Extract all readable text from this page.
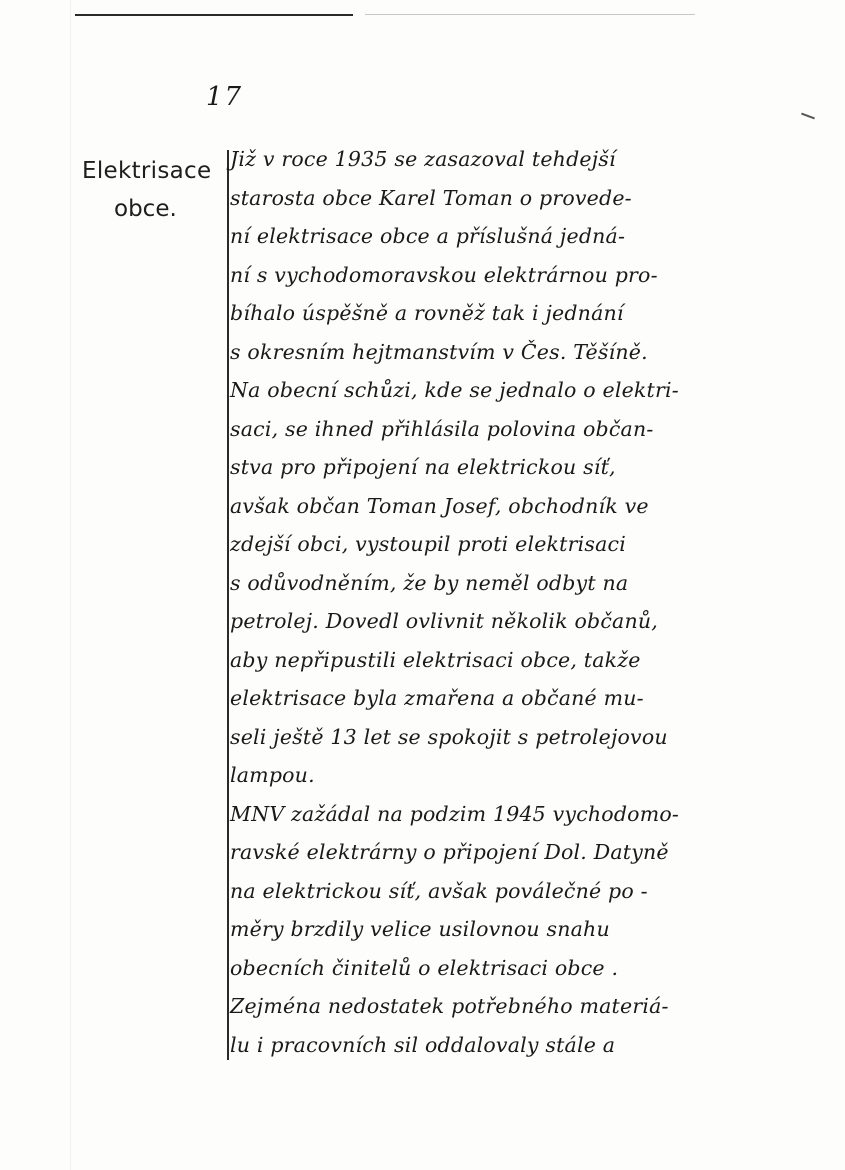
17
Elektrisace
obce.
Již v roce 1935 se zasazoval tehdejší
starosta obce Karel Toman o provede-
ní elektrisace obce a příslušná jedná-
ní s vychodomoravskou elektrárnou pro-
bíhalo úspěšně a rovněž tak i jednání
s okresním hejtmanstvím v Čes. Těšíně.
Na obecní schůzi, kde se jednalo o elektri-
saci, se ihned přihlásila polovina občan-
stva pro připojení na elektrickou síť,
avšak občan Toman Josef, obchodník ve
zdejší obci, vystoupil proti elektrisaci
s odůvodněním, že by neměl odbyt na
petrolej. Dovedl ovlivnit několik občanů,
aby nepřipustili elektrisaci obce, takže
elektrisace byla zmařena a občané mu-
seli ještě 13 let se spokojit s petrolejovou
lampou.
MNV zažádal na podzim 1945 vychodomo-
ravské elektrárny o připojení Dol. Datyně
na elektrickou síť, avšak poválečné po -
měry brzdily velice usilovnou snahu
obecních činitelů o elektrisaci obce .
Zejména nedostatek potřebného materiá-
lu i pracovních sil oddalovaly stále a
